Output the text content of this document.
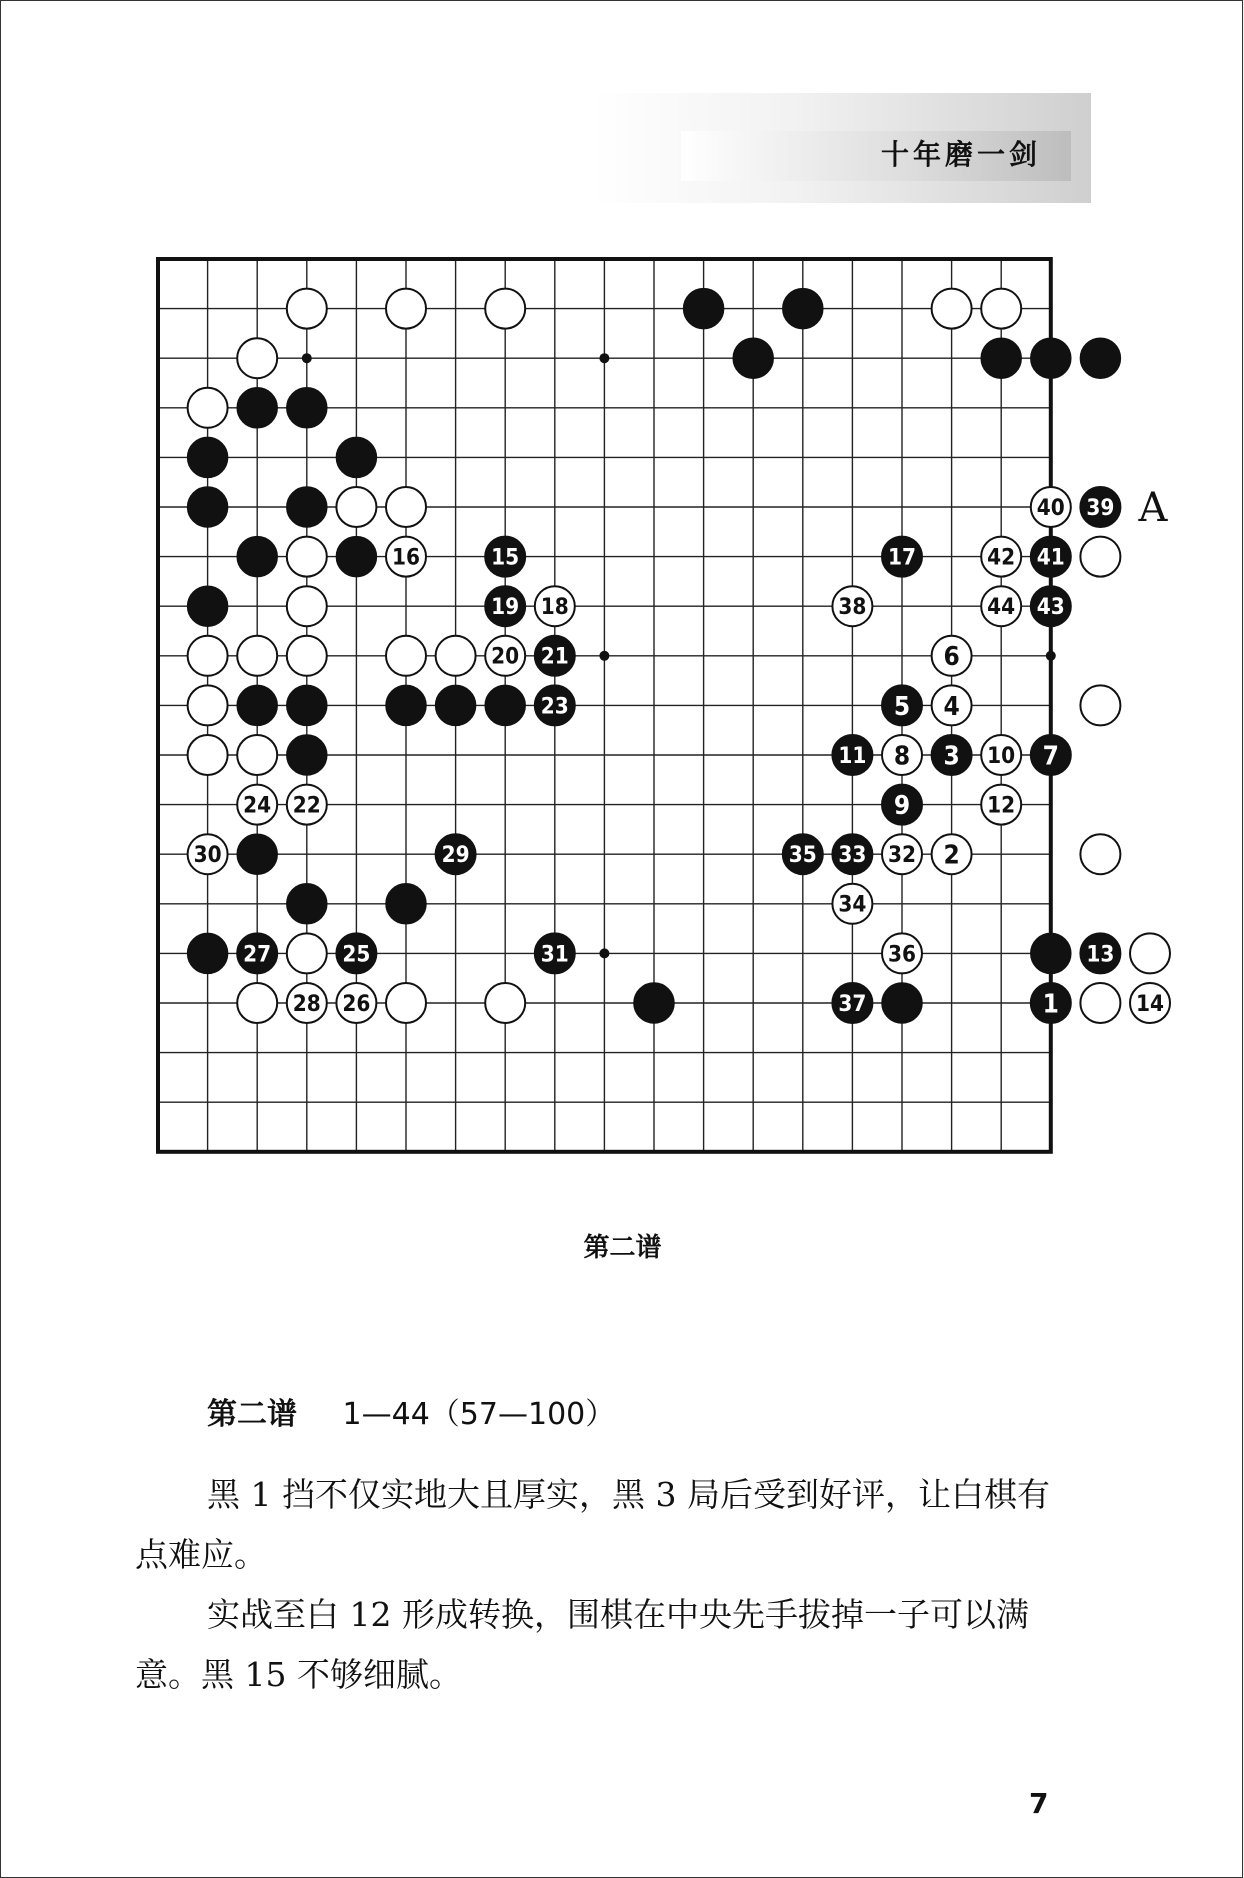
十年磨一剑
1
2
3
4
5
6
7
8
9
10
11
12
13
14
15
16	17
18
19
20 21
22
23
24
25
26
27
28
29
30
31
32
33
34
35
36
37
38
39
40
41
42
43
44
A
第二谱
第二谱 1—44（57—100）

黑 1 挡不仅实地大且厚实，黑 3 局后受到好评，让白棋有点难应。

实战至白 12 形成转换，围棋在中央先手拔掉一子可以满意。黑 15 不够细腻。

7
